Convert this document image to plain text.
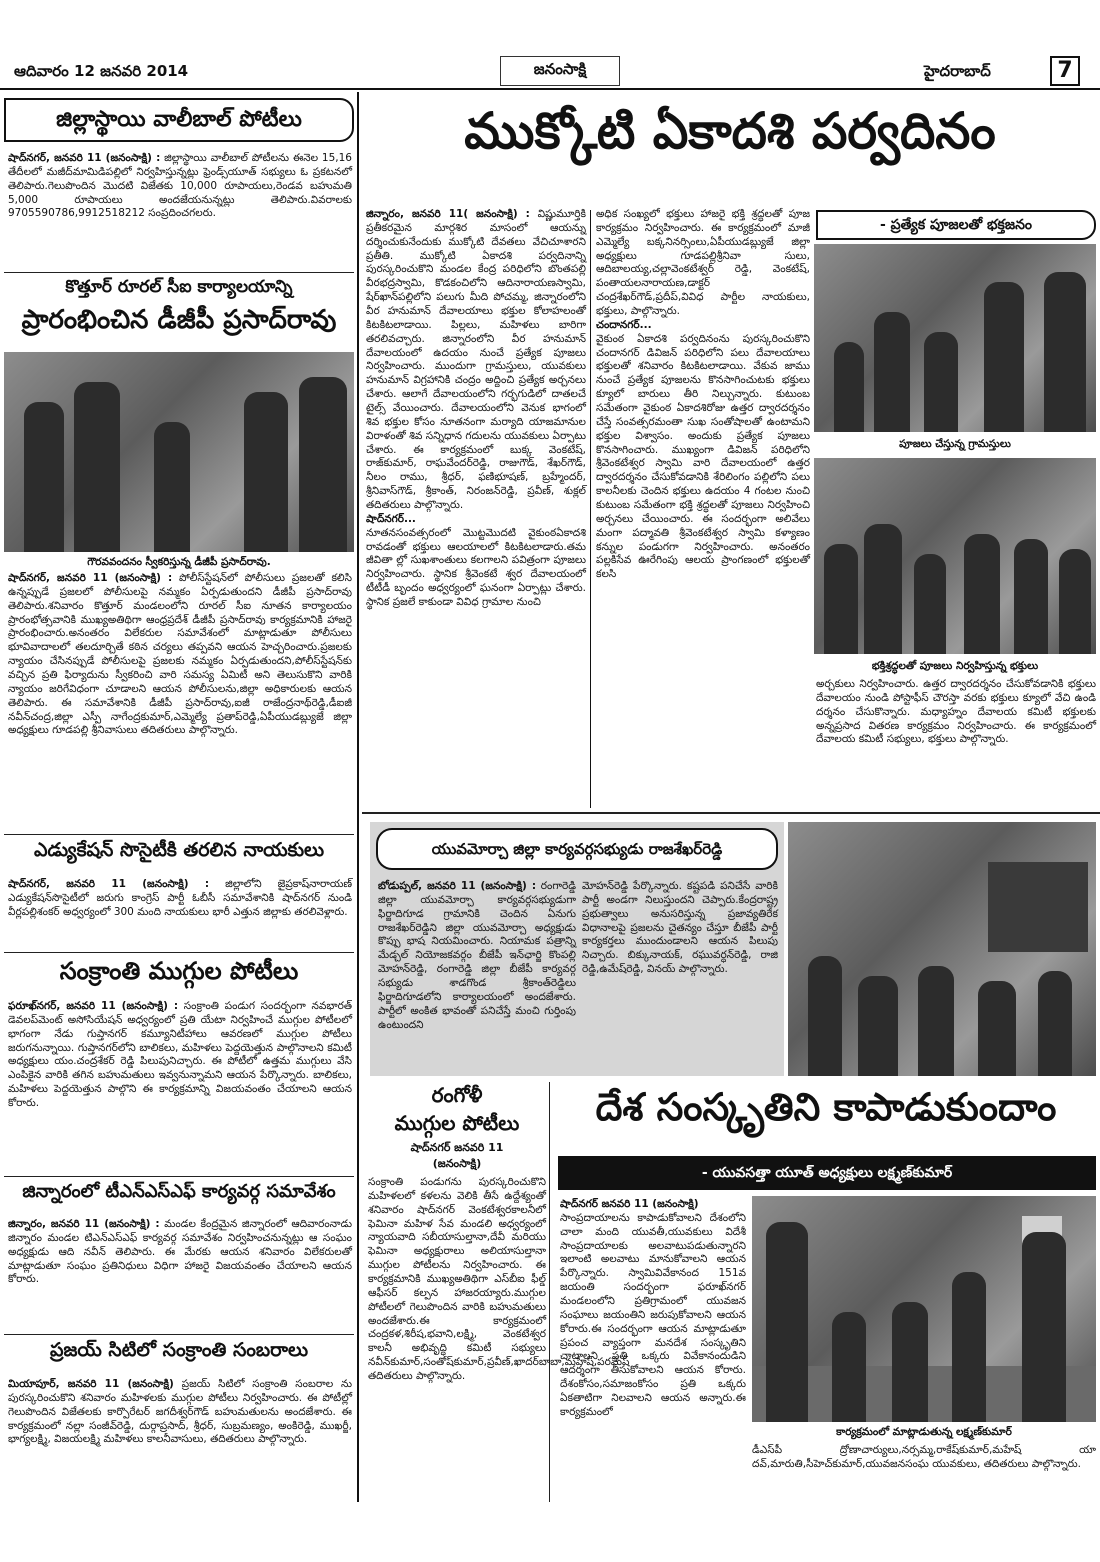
ఆదివారం 12 జనవరి 2014	జనంసాక్షి	హైదరాబాద్	7
జిల్లాస్థాయి వాలీబాల్‌ పోటీలు
షాద్‌నగర్‌, జనవరి 11 (జనంసాక్షి) : జిల్లాస్థాయి వాలీబాల్‌ పోటీలను ఈనెల 15,16 తేదీలలో మజీద్‌మామిడిపల్లిలో నిర్వహిస్తున్నట్లు ఫ్రెండ్స్‌యూత్‌ సభ్యులు ఓ ప్రకటనలో తెలిపారు.గెలుపొందిన మొదటి విజేతకు 10,000 రూపాయలు,రెండవ బహుమతి 5,000 రూపాయలు అందజేయనున్నట్లు తెలిపారు.వివరాలకు 9705590786,9912518212 సంప్రదించగలరు.
కొత్తూర్‌ రూరల్‌ సీఐ కార్యాలయాన్ని
ప్రారంభించిన డీజీపీ ప్రసాద్‌రావు
గౌరవవందనం స్వీకరిస్తున్న డీజీపీ ప్రసాద్‌రావు.
షాద్‌నగర్‌, జనవరి 11 (జనంసాక్షి) : పోలీస్‌స్టేషన్‌లో పోలీసులు ప్రజలతో కలిసి ఉన్నప్పుడే ప్రజలలో పోలీసులపై నమ్మకం ఏర్పడుతుందని డీజీపీ ప్రసాద్‌రావు తెలిపారు.శనివారం కొత్తూర్‌ మండలంలోని రూరల్‌ సీఐ నూతన కార్యాలయం ప్రారంభోత్సవానికి ముఖ్యఅతిథిగా ఆంధ్రప్రదేశ్‌ డీజీపీ ప్రసాద్‌రావు కార్యక్రమానికి హాజరై ప్రారంభించారు.అనంతరం విలేకరుల సమావేశంలో మాట్లాడుతూ పోలీసులు భూవివాదాలలో తలదూర్చితే కఠిన చర్యలు తప్పవని ఆయన హెచ్చరించారు.ప్రజలకు న్యాయం చేసినప్పుడే పోలీసులపై ప్రజలకు నమ్మకం ఏర్పడుతుందని,పోలీస్‌స్టేషన్‌కు వచ్చిన ప్రతి ఫిర్యాదును స్వీకరించి వారి సమస్య ఏమిటీ అని తెలుసుకొని వారికి న్యాయం జరిగేవిధంగా చూడాలని ఆయన పోలీసులను,జిల్లా అధికారులకు ఆయన తెలిపారు. ఈ సమావేశానికి డీజీపీ ప్రసాద్‌రావు,ఐజీ రాజేంద్రనాథ్‌రెడ్డి,డీఐజీ నవీన్‌చంద్ర,జిల్లా ఎస్పీ నాగేంద్రకుమార్‌,ఎమ్మెల్యే ప్రతాప్‌రెడ్డి,ఏపీయుడబ్ల్యుజే జిల్లా అధ్యక్షులు గూడపల్లి శ్రీనివాసులు తదితరులు పాల్గొన్నారు.
ఎడ్యుకేషన్‌ సొసైటీకి తరలిన నాయకులు
షాద్‌నగర్‌, జనవరి 11 (జనంసాక్షి) : జిల్లాలోని జైప్రకాష్‌నారాయణ్‌ ఎడ్యుకేషన్‌సొసైటీలో జరుగు కాంగ్రెస్‌ పార్టీ ఓబీసీ సమావేశానికి షాద్‌నగర్‌ నుండి వీర్లపల్లిశంకర్‌ అధ్వర్యంలో 300 మంది నాయకులు భారీ ఎత్తున జిల్లాకు తరలివెళ్లారు.
సంక్రాంతి ముగ్గుల పోటీలు
ఫరూఖ్‌నగర్‌, జనవరి 11 (జనంసాక్షి) : సంక్రాంతి పండుగ సందర్భంగా నవభారత్‌ డెవలప్‌మెంట్‌ అసోసియేషన్‌ అధ్వర్యంలో ప్రతి యేటా నిర్వహించే ముగ్గుల పోటీలలో భాగంగా నేడు గుప్తానగర్‌ కమ్యూనిటీహాలు ఆవరణలో ముగ్గుల పోటీలు జరుగనున్నాయి. గుప్తానగర్‌లోని బాలికలు, మహిళలు పెద్దయెత్తున పాల్గొనాలని కమిటీ అధ్యక్షులు యం.చంద్రశేకర్‌ రెడ్డి పిలుపునిచ్చారు. ఈ పోటీలో ఉత్తమ ముగ్గులు వేసి ఎంపికైన వారికి తగిన బహుమతులు ఇవ్వనున్నామని ఆయన పేర్కొన్నారు. బాలికలు, మహిళలు పెద్దయెత్తున పాల్గొని ఈ కార్యక్రమాన్ని విజయవంతం చేయాలని ఆయన కోరారు.
జిన్నారంలో టీఎన్‌ఎస్‌ఎఫ్‌ కార్యవర్గ సమావేశం
జిన్నారం, జనవరి 11 (జనంసాక్షి) : మండల కేంద్రమైన జిన్నారంలో ఆదివారంనాడు జిన్నారం మండల టిఎన్‌ఎస్‌ఎఫ్‌ కార్యవర్గ సమావేశం నిర్వహించనున్నట్లు ఆ సంఘం అధ్యక్షుడు ఆది నవీన్‌ తెలిపారు. ఈ మేరకు ఆయన శనివారం విలేకరులతో మాట్లాడుతూ సంఘం ప్రతినిధులు విధిగా హాజరై విజయవంతం చేయాలని ఆయన కోరారు.
ప్రజయ్‌ సిటిలో సంక్రాంతి సంబరాలు
మియాపూర్‌, జనవరి 11 (జనంసాక్షి) ప్రజయ్‌ సిటిలో సంక్రాంతి సంబరాల ను పురస్కరించుకొని శనివారం మహిళలకు ముగ్గుల పోటీలు నిర్వహించారు. ఈ పోటీల్లో గెలుపొందిన విజేతలకు కార్పొరేటర్‌ జగదీశ్వర్‌గౌడ్‌ బహుమతులను అందజేశారు. ఈ కార్యక్రమంలో నల్లా సంజీవ్‌రెడ్డి, దుర్గాప్రసాద్‌, శ్రీధర్‌, సుబ్రమణ్యం, అంకిరెడ్డి, ముఖర్జీ, భాగ్యలక్ష్మి, విజయలక్ష్మి మహిళలు కాలనీవాసులు, తదితరులు పాల్గొన్నారు.
ముక్కోటి ఏకాదశి పర్వదినం
జిన్నారం, జనవరి 11( జనంసాక్షి) : విష్ణుమూర్తికి ప్రతీకరమైన మార్గశిర మాసంలో ఆయన్ను దర్శించుకునేందుకు ముక్కోటి దేవతలు వేచిచూశారని ప్రతీతి. ముక్కోటి ఏకాదశి పర్వదినాన్ని పురస్కరించుకొని మండల కేంద్ర పరిధిలోని బొంతపల్లి వీరభద్రస్వామి, కొడకంచిలోని ఆదినారాయణస్వామి, షేర్‌ఖాన్‌పల్లిలోని పలుగు మీది పోచమ్మ, జిన్నారంలోని వీర హనుమాన్‌ దేవాలయాలు భక్తుల కోలాహలంతో కిటకిటలాడాయి. పిల్లలు, మహిళలు బారిగా తరలివచ్చారు. జిన్నారంలోని వీర హనుమాన్‌ దేవాలయంలో ఉదయం నుంచే ప్రత్యేక పూజలు నిర్వహించారు. ముందుగా గ్రామస్తులు, యువకులు హనుమాన్‌ విగ్రహానికి చంద్రం అద్దించి ప్రత్యేక అర్చనలు చేశారు. ఆలాగే దేవాలయంలోని గర్భగుడిలో దాతలచే టైల్స్‌ వేయించారు. దేవాలయంలోని వెనుక భాగంలో శివ భక్తుల కోసం నూతనంగా మర్యాది యాజమానుల విరాళంతో శివ సన్నిధాన గదులను యువకులు ఏర్పాటు చేశారు. ఈ కార్యక్రమంలో బుక్క వెంకటేష్‌, రాజ్‌కుమార్‌, రాఘవేందర్‌రెడ్డి, రాజుగౌడ్‌, శేఖర్‌గౌడ్‌, నీలం రాము, శ్రీధర్‌, ఫణిభూషణ్‌, బ్రహ్మేందర్‌, శ్రీనివాస్‌గౌడ్‌, శ్రీకాంత్‌, నిరంజన్‌రెడ్డి, ప్రవీణ్‌, శుక్లల్‌ తదితరులు పాల్గొన్నారు.
షాద్‌నగర్‌...
నూతనసంవత్సరంలో మొట్టమొదటి వైకుంఠఏకాదశి రావడంతో భక్తులు ఆలయాలలో కిటకిటలాడారు.తమ జీవితా ల్లో సుఖశాంతులు కలగాలని పవిత్రంగా పూజలు నిర్వహించారు. స్థానిక శ్రీవెంకటే శ్వర దేవాలయంలో టీటీడీ బృందం అధ్వర్యంలో ఘనంగా ఏర్పాట్లు చేశారు. స్థానిక ప్రజలే కాకుండా వివిధ గ్రామాల నుంచి
అధిక సంఖ్యలో భక్తులు హాజరై భక్తి శ్రద్ధలతో పూజ కార్యక్రమం నిర్వహించారు. ఈ కార్యక్రమంలో మాజీ ఎమ్మెల్యే బక్కనిన‌ర్సింలు,ఏపీయుడబ్ల్యుజే జిల్లా అధ్యక్షులు గూడపల్లిశ్రీనివా సులు, ఆదిబాలయ్య,చల్లావెంకటేశ్వర్‌ రెడ్డి, వెంకటేష్‌, పంతాయలనారాయణ,డాక్టర్‌ చంద్రశేఖర్‌గౌడ్‌,ప్రదీప్‌,వివిధ పార్టీల నాయకులు, భక్తులు, పాల్గొన్నారు.
చందానగర్‌...
వైకుంఠ ఏకాదశి పర్వదినంను పురస్కరించుకొని చందానగర్‌ డివిజన్‌ పరిధిలోని పలు దేవాలయాలు భక్తులతో శనివారం కిటకిటలాడాయి. వేకువ జాము నుంచే ప్రత్యేక పూజలను కొనసాగించుటకు భక్తులు క్యూలో బారులు తీరి నిల్చున్నారు. కుటుంబ సమేతంగా వైకుంఠ ఏకాదశిరోజు ఉత్తర ద్వారదర్శనం చేస్తే సంవత్సరమంతా సుఖ సంతోషాలతో ఉంటామని భక్తుల విశ్వాసం. అందుకు ప్రత్యేక పూజలు కొనసాగించారు. ముఖ్యంగా డివిజన్‌ పరిధిలోని శ్రీవెంకటేశ్వర స్వామి వారి దేవాలయంలో ఉత్తర ద్వారదర్శనం చేసుకోవడానికి శేరిలింగం పల్లిలోని పలు కాలనీలకు చెందిన భక్తులు ఉదయం 4 గంటల నుంచి కుటుంబ సమేతంగా భక్తి శ్రద్ధలతో పూజలు నిర్వహించి అర్చనలు చేయించారు. ఈ సందర్భంగా అలివేలు మంగా పద్మావతి శ్రీవెంకటేశ్వర స్వామి కళ్యాణం కన్నుల పండుగగా నిర్వహించారు. అనంతరం పల్లకిసేవ ఊరేగింపు ఆలయ ప్రాంగణంలో భక్తులతో కలసి
- ప్రత్యేక పూజలతో భక్తజనం
పూజలు చేస్తున్న గ్రామస్తులు
భక్తిశ్రద్ధలతో పూజలు నిర్వహిస్తున్న భక్తులు
అర్చకులు నిర్వహించారు. ఉత్తర ద్వారదర్శనం చేసుకోవడానికి భక్తులు దేవాలయం నుండి పోస్టాఫీస్‌ చౌరస్తా వరకు భక్తులు క్యూలో వేచి ఉండి దర్శనం చేసుకొన్నారు. మధ్యాహ్నం దేవాలయ కమిటీ భక్తులకు అన్నప్రసాద వితరణ కార్యక్రమం నిర్వహించారు. ఈ కార్యక్రమంలో దేవాలయ కమిటీ సభ్యులు, భక్తులు పాల్గొన్నారు.
యువమోర్చా జిల్లా కార్యవర్గసభ్యుడు రాజశేఖర్‌రెడ్డి
బోడుప్పల్‌, జనవరి 11 (జనంసాక్షి) : రంగారెడ్డి జిల్లా యువమోర్చా కార్యవర్గసభ్యుడుగా ఫిర్జాదిగూడ గ్రామానికి చెందిన ఏనుగు రాజశేఖర్‌రెడ్డిని జిల్లా యువమోర్చా అధ్యక్షుడు కొప్పు భాష నియమించారు. నియామక పత్రాన్ని మేడ్చల్‌ నియోజకవర్గం బీజేపీ ఇన్‌ఛార్జి కొంపల్లి మోహన్‌రెడ్డి, రంగారెడ్డి జిల్లా బీజేపీ కార్యవర్గ సభ్యుడు శాడగొండ శ్రీకాంత్‌రెడ్డిలు ఫిర్జాదిగూడలోని కార్యాలయంలో అందజేశారు. పార్టీలో అంకిత భావంతో పనిచేస్తే మంచి గుర్తింపు ఉంటుందని
మోహన్‌రెడ్డి పేర్కొన్నారు. కష్టపడి పనిచేసే వారికి పార్టీ అండగా నిలుస్తుందని చెప్పారు.కేంద్రరాష్ట్ర ప్రభుత్వాలు అనుసరిస్తున్న ప్రజావ్యతిరేక విధానాలపై ప్రజలను చైతన్యం చేస్తూ బీజేపీ పార్టీ కార్యకర్తలు ముందుండాలని ఆయన పిలుపు నిచ్చారు. బిక్కునాయక్‌, రఘువర్ధన్‌రెడ్డి, రాజి రెడ్డి,ఉమేష్‌రెడ్డి, వినయ్‌ పాల్గొన్నారు.
రంగోళీ
ముగ్గుల పోటీలు
షాద్‌నగర్‌ జనవరి 11
(జనంసాక్షి)
సంక్రాంతి పండుగను పురస్కరించుకొని మహిళలలో కళలను వెలికి తీసే ఉద్దేశ్యంతో శనివారం షాద్‌నగర్‌ వెంకటేశ్వరకాలనీలో ఫెమినా మహిళ సేవ మండలి అధ్వర్యంలో న్యాయవాది సబీయాసుల్తానా,దేవీ మరియు ఫెమినా అధ్యక్షురాలు అలియాసుల్తానా ముగ్గుల పోటీలను నిర్వహించారు. ఈ కార్యక్రమానికి ముఖ్యఅతిథిగా ఎస్‌బీఐ ఫీల్డ్‌ ఆఫీసర్‌ కల్పన హాజరయ్యారు.ముగ్గుల పోటీలలో గెలుపొందిన వారికి బహుమతులు అందజేశారు.ఈ కార్యక్రమంలో చంద్రకళ,శిరీష,భవాని,లక్ష్మి, వెంకటేశ్వర కాలనీ అభివృద్ధి కమిటీ సభ్యులు నవీన్‌కుమార్‌,సంతోష్‌కుమార్‌,ప్రవీణ్‌,ఖాదర్‌బాబా,మహేష్‌,పరమేష్‌ తదితరులు పాల్గొన్నారు.
దేశ సంస్కృతిని కాపాడుకుందాం
- యువసత్తా యూత్‌ అధ్యక్షులు లక్ష్మణ్‌కుమార్‌
షాద్‌నగర్‌ జనవరి 11 (జనంసాక్షి)
సాంప్రదాయాలను కాపాడుకోవాలని దేశంలోని చాలా మంది యువతీ,యువకులు విదేశీ సాంప్రదాయాలకు అలవాటుపడుతున్నారని ఇలాంటి అలవాటు మానుకోవాలని ఆయన పేర్కొన్నారు. స్వామివివేకానంద 151వ జయంతి సందర్భంగా ఫరూఖ్‌నగర్‌ మండలంలోని ప్రతిగ్రామంలో యువజన సంఘాలు జయంతిని జరుపుకోవాలని ఆయన కోరారు.ఈ సందర్భంగా ఆయన మాట్లాడుతూ ప్రపంచ వ్యాప్తంగా మనదేశ సంస్కృతిని చాటాలని ప్రతి ఒక్కరు వివేకానందుడిని ఆదర్శంగా తీసుకోవాలని ఆయన కోరారు. దేశంకోసం,సమాజంకోసం ప్రతి ఒక్కరు ఏకతాటిగా నిలవాలని ఆయన అన్నారు.ఈ కార్యక్రమంలో
కార్యక్రమంలో మాట్లాడుతున్న లక్ష్మణ్‌కుమార్‌
డీఎస్‌పీ ద్రోణాచార్యులు,నర్సమ్మ,రాకేష్‌కుమార్‌,మహేష్‌ యా దవ్‌,మారుతి,సీహెచ్‌కుమార్‌,యువజనసంఘ యువకులు, తదితరులు పాల్గొన్నారు.
